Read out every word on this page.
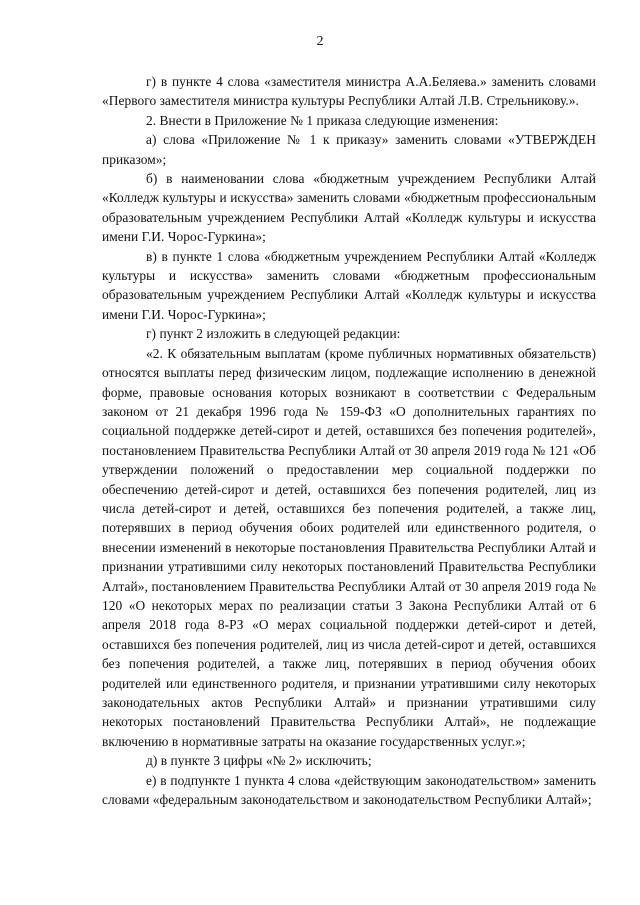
2

г) в пункте 4 слова «заместителя министра А.А.Беляева.» заменить словами «Первого заместителя министра культуры Республики Алтай Л.В. Стрельникову.».

2. Внести в Приложение № 1 приказа следующие изменения:

а) слова «Приложение № 1 к приказу» заменить словами «УТВЕРЖДЕН приказом»;

б) в наименовании слова «бюджетным учреждением Республики Алтай «Колледж культуры и искусства» заменить словами «бюджетным профессиональным образовательным учреждением Республики Алтай «Колледж культуры и искусства имени Г.И. Чорос-Гуркина»;

в) в пункте 1 слова «бюджетным учреждением Республики Алтай «Колледж культуры и искусства» заменить словами «бюджетным профессиональным образовательным учреждением Республики Алтай «Колледж культуры и искусства имени Г.И. Чорос-Гуркина»;

г) пункт 2 изложить в следующей редакции:

«2. К обязательным выплатам (кроме публичных нормативных обязательств) относятся выплаты перед физическим лицом, подлежащие исполнению в денежной форме, правовые основания которых возникают в соответствии с Федеральным законом от 21 декабря 1996 года № 159-ФЗ «О дополнительных гарантиях по социальной поддержке детей-сирот и детей, оставшихся без попечения родителей», постановлением Правительства Республики Алтай от 30 апреля 2019 года № 121 «Об утверждении положений о предоставлении мер социальной поддержки по обеспечению детей-сирот и детей, оставшихся без попечения родителей, лиц из числа детей-сирот и детей, оставшихся без попечения родителей, а также лиц, потерявших в период обучения обоих родителей или единственного родителя, о внесении изменений в некоторые постановления Правительства Республики Алтай и признании утратившими силу некоторых постановлений Правительства Республики Алтай», постановлением Правительства Республики Алтай от 30 апреля 2019 года № 120 «О некоторых мерах по реализации статьи 3 Закона Республики Алтай от 6 апреля 2018 года 8-РЗ «О мерах социальной поддержки детей-сирот и детей, оставшихся без попечения родителей, лиц из числа детей-сирот и детей, оставшихся без попечения родителей, а также лиц, потерявших в период обучения обоих родителей или единственного родителя, и признании утратившими силу некоторых законодательных актов Республики Алтай» и признании утратившими силу некоторых постановлений Правительства Республики Алтай», не подлежащие включению в нормативные затраты на оказание государственных услуг.»;

д) в пункте 3 цифры «№ 2» исключить;

е) в подпункте 1 пункта 4 слова «действующим законодательством» заменить словами «федеральным законодательством и законодательством Республики Алтай»;
